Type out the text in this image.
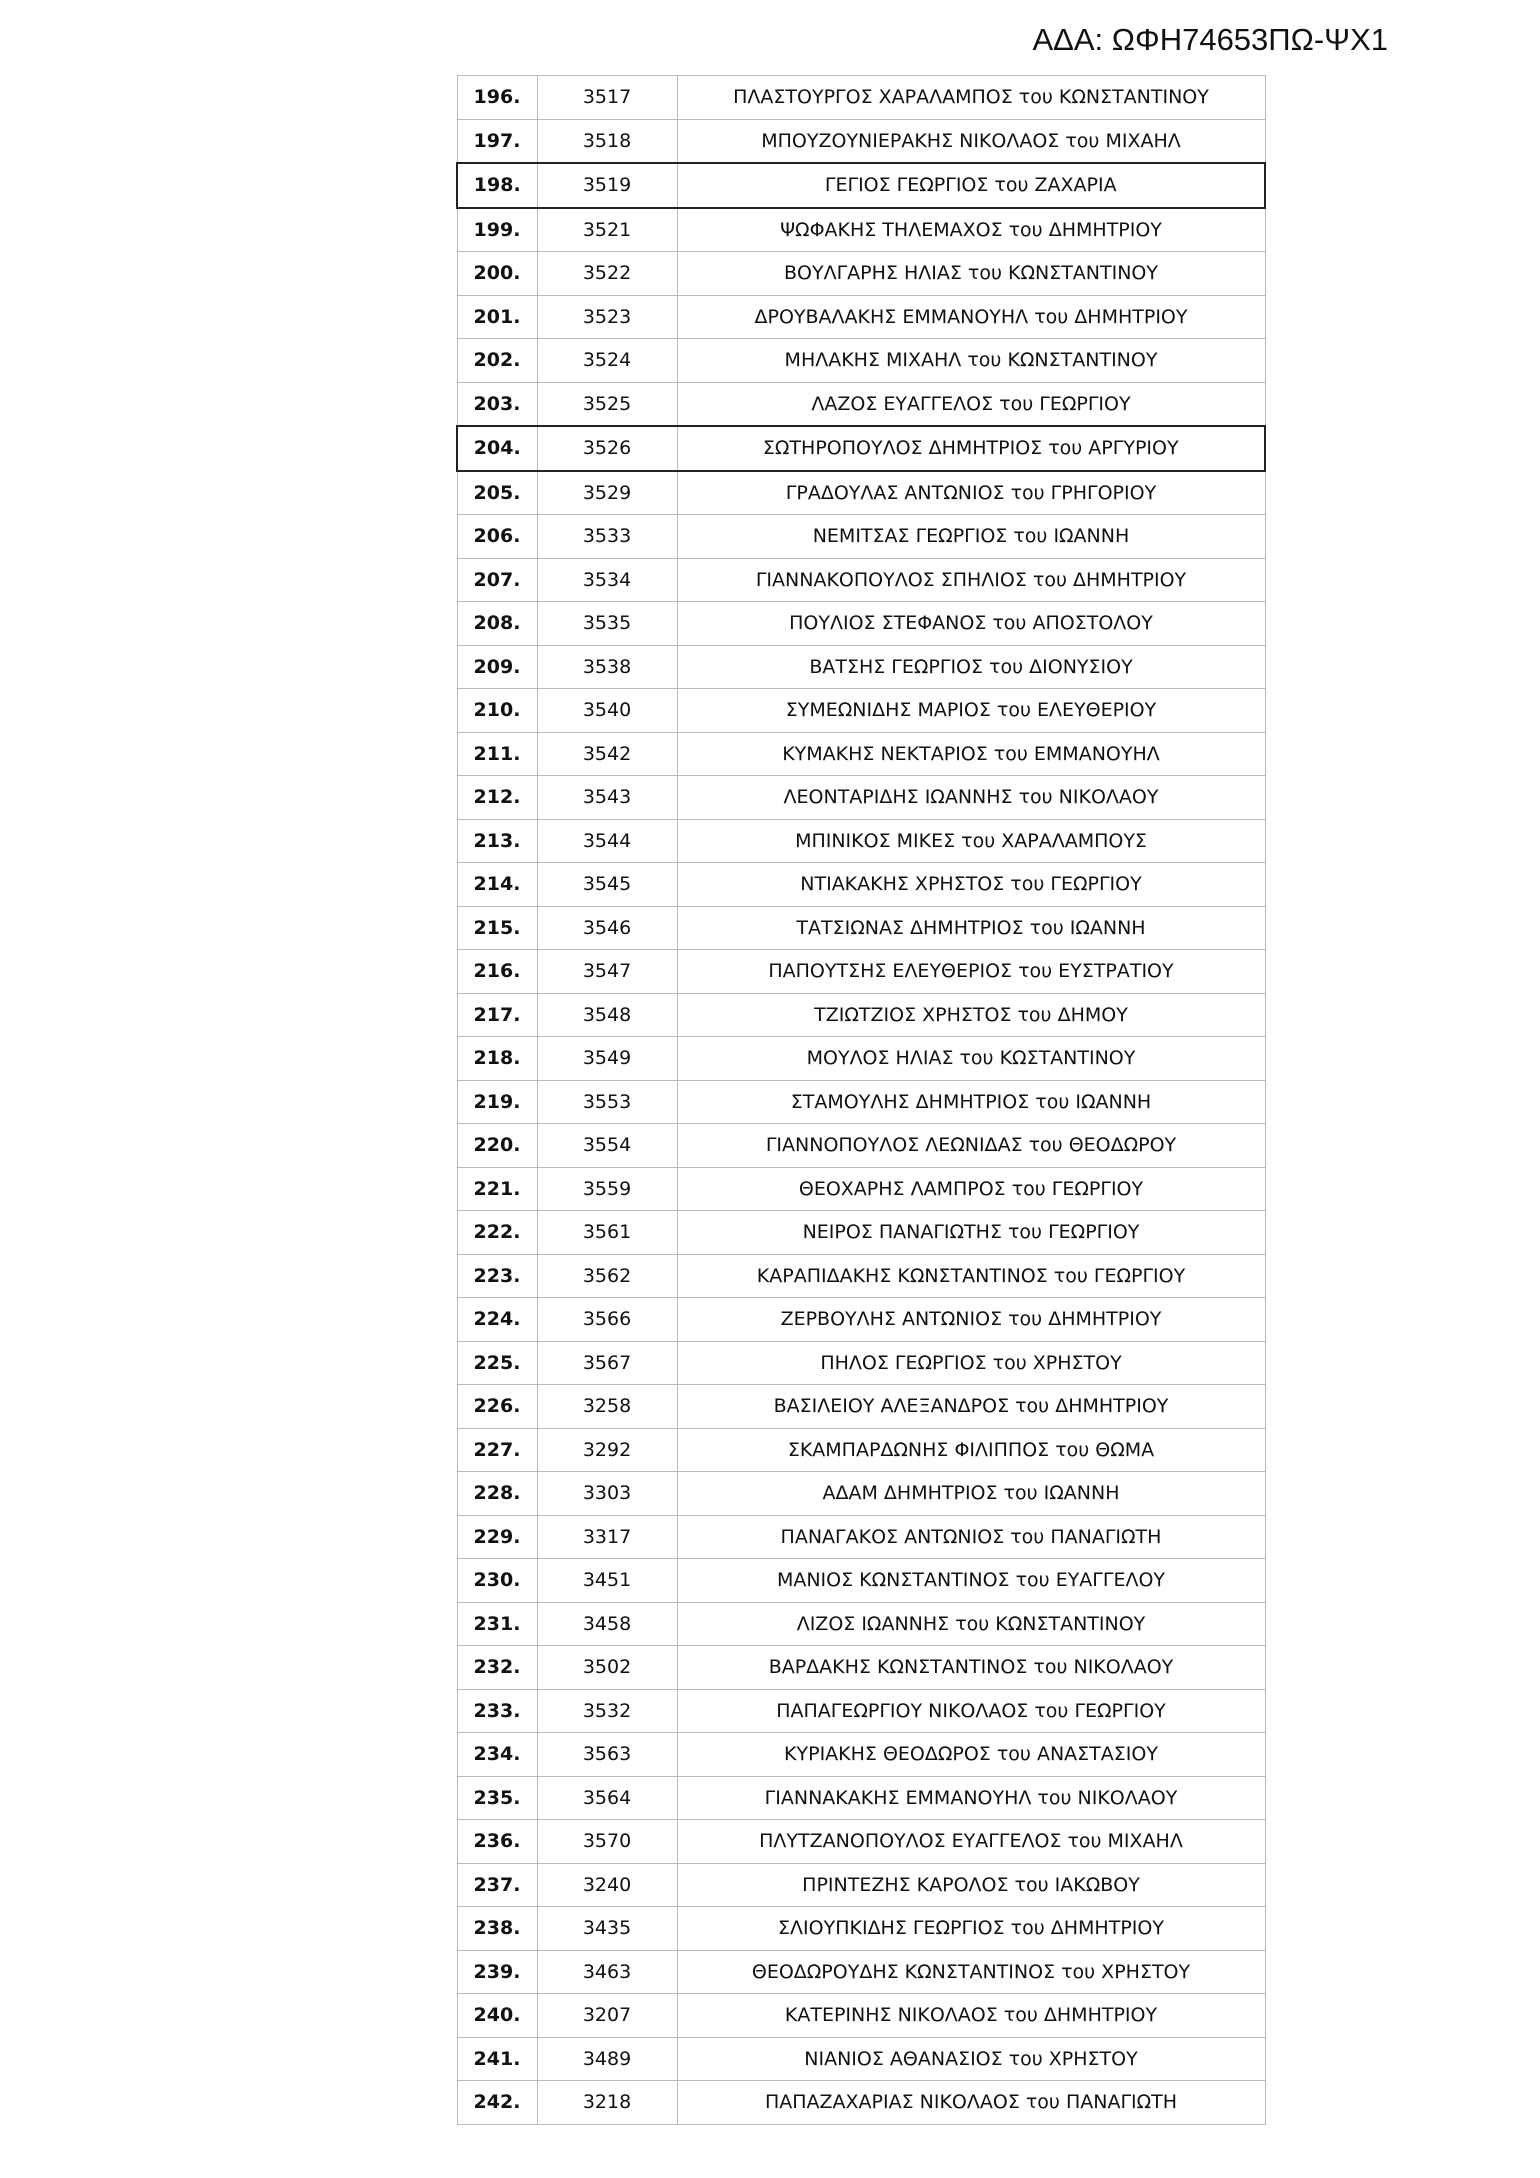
ΑΔΑ: ΩΦΗ74653ΠΩ-ΨΧ1
196.	3517	ΠΛΑΣΤΟΥΡΓΟΣ ΧΑΡΑΛΑΜΠΟΣ του ΚΩΝΣΤΑΝΤΙΝΟΥ
197.	3518	ΜΠΟΥΖΟΥΝΙΕΡΑΚΗΣ ΝΙΚΟΛΑΟΣ του ΜΙΧΑΗΛ
198.	3519	ΓΕΓΙΟΣ ΓΕΩΡΓΙΟΣ του ΖΑΧΑΡΙΑ
199.	3521	ΨΩΦΑΚΗΣ ΤΗΛΕΜΑΧΟΣ του ΔΗΜΗΤΡΙΟΥ
200.	3522	ΒΟΥΛΓΑΡΗΣ ΗΛΙΑΣ του ΚΩΝΣΤΑΝΤΙΝΟΥ
201.	3523	ΔΡΟΥΒΑΛΑΚΗΣ ΕΜΜΑΝΟΥΗΛ του ΔΗΜΗΤΡΙΟΥ
202.	3524	ΜΗΛΑΚΗΣ ΜΙΧΑΗΛ του ΚΩΝΣΤΑΝΤΙΝΟΥ
203.	3525	ΛΑΖΟΣ ΕΥΑΓΓΕΛΟΣ του ΓΕΩΡΓΙΟΥ
204.	3526	ΣΩΤΗΡΟΠΟΥΛΟΣ ΔΗΜΗΤΡΙΟΣ του ΑΡΓΥΡΙΟΥ
205.	3529	ΓΡΑΔΟΥΛΑΣ ΑΝΤΩΝΙΟΣ του ΓΡΗΓΟΡΙΟΥ
206.	3533	ΝΕΜΙΤΣΑΣ ΓΕΩΡΓΙΟΣ του ΙΩΑΝΝΗ
207.	3534	ΓΙΑΝΝΑΚΟΠΟΥΛΟΣ ΣΠΗΛΙΟΣ του ΔΗΜΗΤΡΙΟΥ
208.	3535	ΠΟΥΛΙΟΣ ΣΤΕΦΑΝΟΣ του ΑΠΟΣΤΟΛΟΥ
209.	3538	ΒΑΤΣΗΣ ΓΕΩΡΓΙΟΣ του ΔΙΟΝΥΣΙΟΥ
210.	3540	ΣΥΜΕΩΝΙΔΗΣ ΜΑΡΙΟΣ του ΕΛΕΥΘΕΡΙΟΥ
211.	3542	ΚΥΜΑΚΗΣ ΝΕΚΤΑΡΙΟΣ του ΕΜΜΑΝΟΥΗΛ
212.	3543	ΛΕΟΝΤΑΡΙΔΗΣ ΙΩΑΝΝΗΣ του ΝΙΚΟΛΑΟΥ
213.	3544	ΜΠΙΝΙΚΟΣ ΜΙΚΕΣ του ΧΑΡΑΛΑΜΠΟΥΣ
214.	3545	ΝΤΙΑΚΑΚΗΣ ΧΡΗΣΤΟΣ του ΓΕΩΡΓΙΟΥ
215.	3546	ΤΑΤΣΙΩΝΑΣ ΔΗΜΗΤΡΙΟΣ του ΙΩΑΝΝΗ
216.	3547	ΠΑΠΟΥΤΣΗΣ ΕΛΕΥΘΕΡΙΟΣ του ΕΥΣΤΡΑΤΙΟΥ
217.	3548	ΤΖΙΩΤΖΙΟΣ ΧΡΗΣΤΟΣ του ΔΗΜΟΥ
218.	3549	ΜΟΥΛΟΣ ΗΛΙΑΣ του ΚΩΣΤΑΝΤΙΝΟΥ
219.	3553	ΣΤΑΜΟΥΛΗΣ ΔΗΜΗΤΡΙΟΣ του ΙΩΑΝΝΗ
220.	3554	ΓΙΑΝΝΟΠΟΥΛΟΣ ΛΕΩΝΙΔΑΣ του ΘΕΟΔΩΡΟΥ
221.	3559	ΘΕΟΧΑΡΗΣ ΛΑΜΠΡΟΣ του ΓΕΩΡΓΙΟΥ
222.	3561	ΝΕΙΡΟΣ ΠΑΝΑΓΙΩΤΗΣ του ΓΕΩΡΓΙΟΥ
223.	3562	ΚΑΡΑΠΙΔΑΚΗΣ ΚΩΝΣΤΑΝΤΙΝΟΣ του ΓΕΩΡΓΙΟΥ
224.	3566	ΖΕΡΒΟΥΛΗΣ ΑΝΤΩΝΙΟΣ του ΔΗΜΗΤΡΙΟΥ
225.	3567	ΠΗΛΟΣ ΓΕΩΡΓΙΟΣ του ΧΡΗΣΤΟΥ
226.	3258	ΒΑΣΙΛΕΙΟΥ ΑΛΕΞΑΝΔΡΟΣ του ΔΗΜΗΤΡΙΟΥ
227.	3292	ΣΚΑΜΠΑΡΔΩΝΗΣ ΦΙΛΙΠΠΟΣ του ΘΩΜΑ
228.	3303	ΑΔΑΜ ΔΗΜΗΤΡΙΟΣ του ΙΩΑΝΝΗ
229.	3317	ΠΑΝΑΓΑΚΟΣ ΑΝΤΩΝΙΟΣ του ΠΑΝΑΓΙΩΤΗ
230.	3451	ΜΑΝΙΟΣ ΚΩΝΣΤΑΝΤΙΝΟΣ του ΕΥΑΓΓΕΛΟΥ
231.	3458	ΛΙΖΟΣ ΙΩΑΝΝΗΣ του ΚΩΝΣΤΑΝΤΙΝΟΥ
232.	3502	ΒΑΡΔΑΚΗΣ ΚΩΝΣΤΑΝΤΙΝΟΣ του ΝΙΚΟΛΑΟΥ
233.	3532	ΠΑΠΑΓΕΩΡΓΙΟΥ ΝΙΚΟΛΑΟΣ του ΓΕΩΡΓΙΟΥ
234.	3563	ΚΥΡΙΑΚΗΣ ΘΕΟΔΩΡΟΣ του ΑΝΑΣΤΑΣΙΟΥ
235.	3564	ΓΙΑΝΝΑΚΑΚΗΣ ΕΜΜΑΝΟΥΗΛ του ΝΙΚΟΛΑΟΥ
236.	3570	ΠΛΥΤΖΑΝΟΠΟΥΛΟΣ ΕΥΑΓΓΕΛΟΣ του ΜΙΧΑΗΛ
237.	3240	ΠΡΙΝΤΕΖΗΣ ΚΑΡΟΛΟΣ του ΙΑΚΩΒΟΥ
238.	3435	ΣΛΙΟΥΠΚΙΔΗΣ ΓΕΩΡΓΙΟΣ του ΔΗΜΗΤΡΙΟΥ
239.	3463	ΘΕΟΔΩΡΟΥΔΗΣ ΚΩΝΣΤΑΝΤΙΝΟΣ του ΧΡΗΣΤΟΥ
240.	3207	ΚΑΤΕΡΙΝΗΣ ΝΙΚΟΛΑΟΣ του ΔΗΜΗΤΡΙΟΥ
241.	3489	ΝΙΑΝΙΟΣ ΑΘΑΝΑΣΙΟΣ του ΧΡΗΣΤΟΥ
242.	3218	ΠΑΠΑΖΑΧΑΡΙΑΣ ΝΙΚΟΛΑΟΣ του ΠΑΝΑΓΙΩΤΗ
